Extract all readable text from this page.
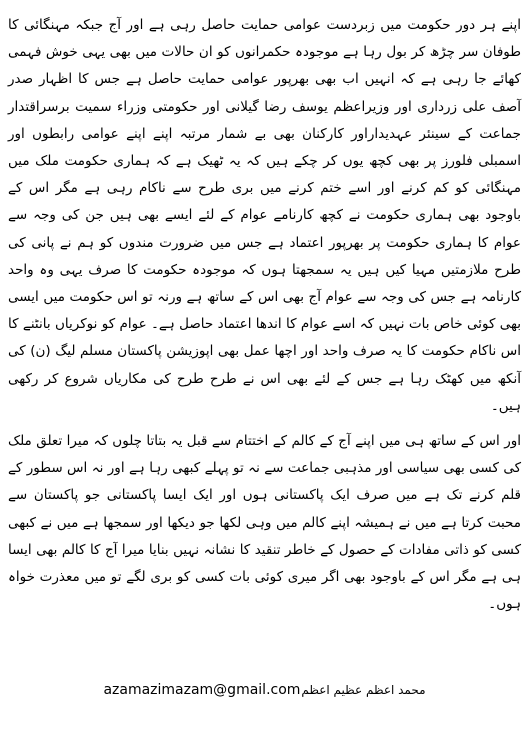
اپنے ہر دور حکومت میں زبردست عوامی حمایت حاصل رہی ہے اور آج جبکہ مہنگائی کا طوفان سر چڑھ کر بول رہا ہے موجودہ حکمرانوں کو ان حالات میں بھی یہی خوش فہمی کھائے جا رہی ہے کہ انہیں اب بھی بھرپور عوامی حمایت حاصل ہے جس کا اظہار صدر آصف علی زرداری اور وزیراعظم یوسف رضا گیلانی اور حکومتی وزراء سمیت برسراقتدار جماعت کے سینئر عہدیداراور کارکنان بھی بے شمار مرتبہ اپنے اپنے عوامی رابطوں اور اسمبلی فلورز پر بھی کچھ یوں کر چکے ہیں کہ یہ ٹھیک ہے کہ ہماری حکومت ملک میں مہنگائی کو کم کرنے اور اسے ختم کرنے میں بری طرح سے ناکام رہی ہے مگر اس کے باوجود بھی ہماری حکومت نے کچھ کارنامے عوام کے لئے ایسے بھی ہیں جن کی وجہ سے عوام کا ہماری حکومت پر بھرپور اعتماد ہے جس میں ضرورت مندوں کو ہم نے پانی کی طرح ملازمتیں مہیا کیں ہیں یہ سمجھتا ہوں کہ موجودہ حکومت کا صرف یہی وہ واحد کارنامہ ہے جس کی وجہ سے عوام آج بھی اس کے ساتھ ہے ورنہ تو اس حکومت میں ایسی بھی کوئی خاص بات نہیں کہ اسے عوام کا اندھا اعتماد حاصل ہے۔ عوام کو نوکریاں بانٹنے کا اس ناکام حکومت کا یہ صرف واحد اور اچھا عمل بھی اپوزیشن پاکستان مسلم لیگ (ن) کی آنکھ میں کھٹک رہا ہے جس کے لئے بھی اس نے طرح طرح کی مکاریاں شروع کر رکھی ہیں۔

اور اس کے ساتھ ہی میں اپنے آج کے کالم کے اختتام سے قبل یہ بتاتا چلوں کہ میرا تعلق ملک کی کسی بھی سیاسی اور مذہبی جماعت سے نہ تو پہلے کبھی رہا ہے اور نہ اس سطور کے قلم کرنے تک ہے میں صرف ایک پاکستانی ہوں اور ایک ایسا پاکستانی جو پاکستان سے محبت کرتا ہے میں نے ہمیشہ اپنے کالم میں وہی لکھا جو دیکھا اور سمجھا ہے میں نے کبھی کسی کو ذاتی مفادات کے حصول کے خاطر تنقید کا نشانہ نہیں بنایا میرا آج کا کالم بھی ایسا ہی ہے مگر اس کے باوجود بھی اگر میری کوئی بات کسی کو بری لگے تو میں معذرت خواہ ہوں۔

azamazimazam@gmail.comمحمد اعظم عظیم اعظم
